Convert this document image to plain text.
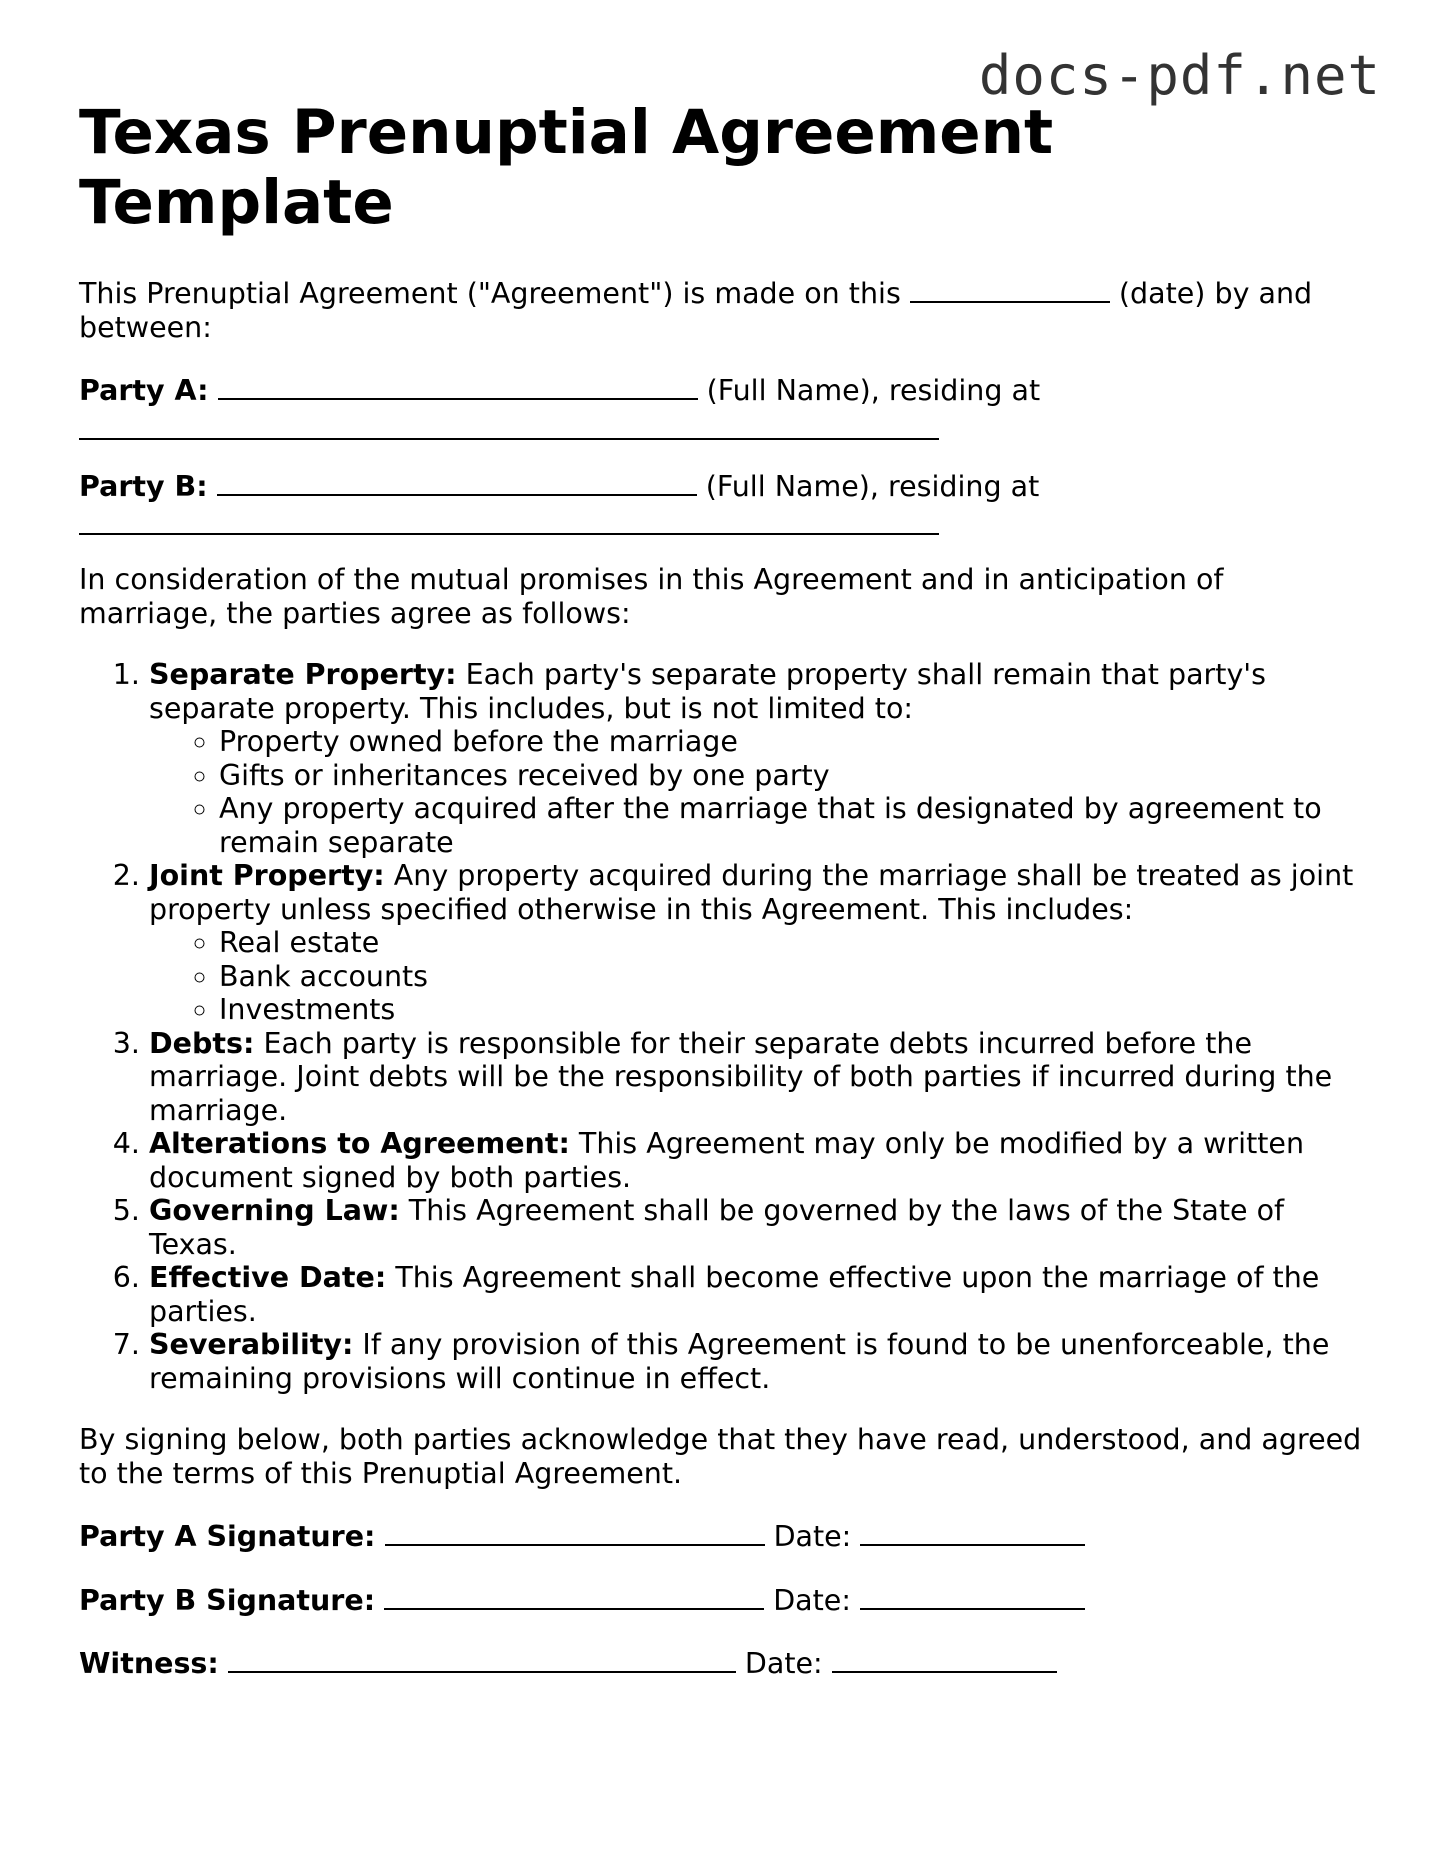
docs-pdf.net
Texas Prenuptial Agreement Template

This Prenuptial Agreement ("Agreement") is made on this	(date) by and between:

Party A:	(Full Name), residing at

Party B:	(Full Name), residing at

In consideration of the mutual promises in this Agreement and in anticipation of marriage, the parties agree as follows:

1. Separate Property: Each party's separate property shall remain that party's separate property. This includes, but is not limited to:
◦ Property owned before the marriage
◦ Gifts or inheritances received by one party
◦ Any property acquired after the marriage that is designated by agreement to remain separate
2. Joint Property: Any property acquired during the marriage shall be treated as joint property unless specified otherwise in this Agreement. This includes:
◦ Real estate
◦ Bank accounts
◦ Investments
3. Debts: Each party is responsible for their separate debts incurred before the marriage. Joint debts will be the responsibility of both parties if incurred during the marriage.
4. Alterations to Agreement: This Agreement may only be modified by a written document signed by both parties.
5. Governing Law: This Agreement shall be governed by the laws of the State of Texas.
6. Effective Date: This Agreement shall become effective upon the marriage of the parties.
7. Severability: If any provision of this Agreement is found to be unenforceable, the remaining provisions will continue in effect.

By signing below, both parties acknowledge that they have read, understood, and agreed to the terms of this Prenuptial Agreement.

Party A Signature:	Date:

Party B Signature:	Date:

Witness:	Date:
